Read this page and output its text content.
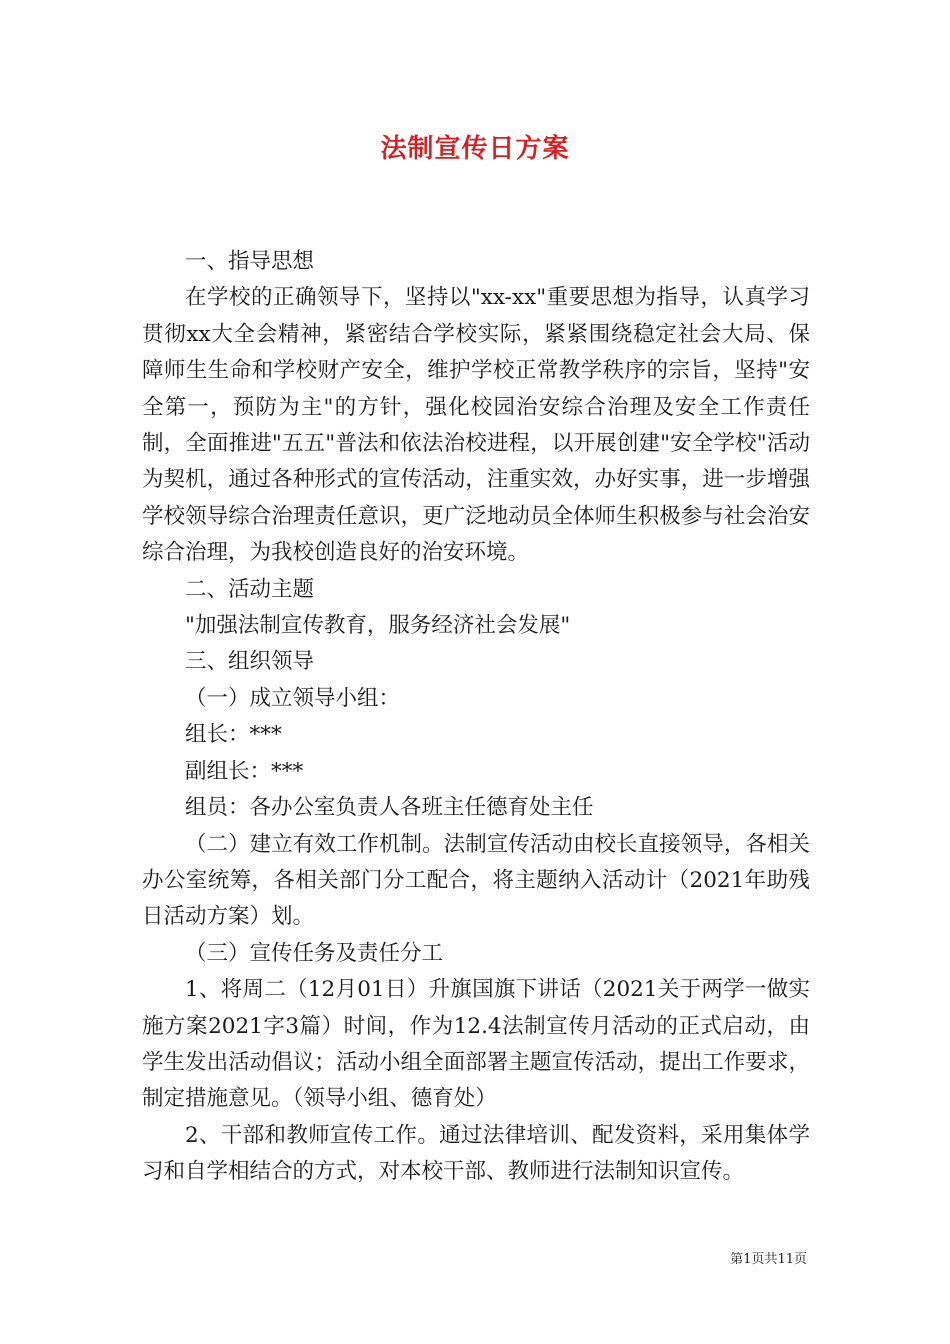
法制宣传日方案

一、指导思想

在学校的正确领导下，坚持以"xx-xx"重要思想为指导，认真学习贯彻xx大全会精神，紧密结合学校实际，紧紧围绕稳定社会大局、保障师生生命和学校财产安全，维护学校正常教学秩序的宗旨，坚持"安全第一，预防为主"的方针，强化校园治安综合治理及安全工作责任制，全面推进"五五"普法和依法治校进程，以开展创建"安全学校"活动为契机，通过各种形式的宣传活动，注重实效，办好实事，进一步增强学校领导综合治理责任意识，更广泛地动员全体师生积极参与社会治安综合治理，为我校创造良好的治安环境。

二、活动主题

"加强法制宣传教育，服务经济社会发展"

三、组织领导

（一）成立领导小组：

组长：***

副组长：***

组员：各办公室负责人各班主任德育处主任

（二）建立有效工作机制。法制宣传活动由校长直接领导，各相关办公室统筹，各相关部门分工配合，将主题纳入活动计（2021年助残日活动方案）划。

（三）宣传任务及责任分工

1、将周二（12月01日）升旗国旗下讲话（2021关于两学一做实施方案2021字3篇）时间，作为12.4法制宣传月活动的正式启动，由学生发出活动倡议；活动小组全面部署主题宣传活动，提出工作要求，制定措施意见。（领导小组、德育处）

2、干部和教师宣传工作。通过法律培训、配发资料，采用集体学习和自学相结合的方式，对本校干部、教师进行法制知识宣传。

第1页共11页
